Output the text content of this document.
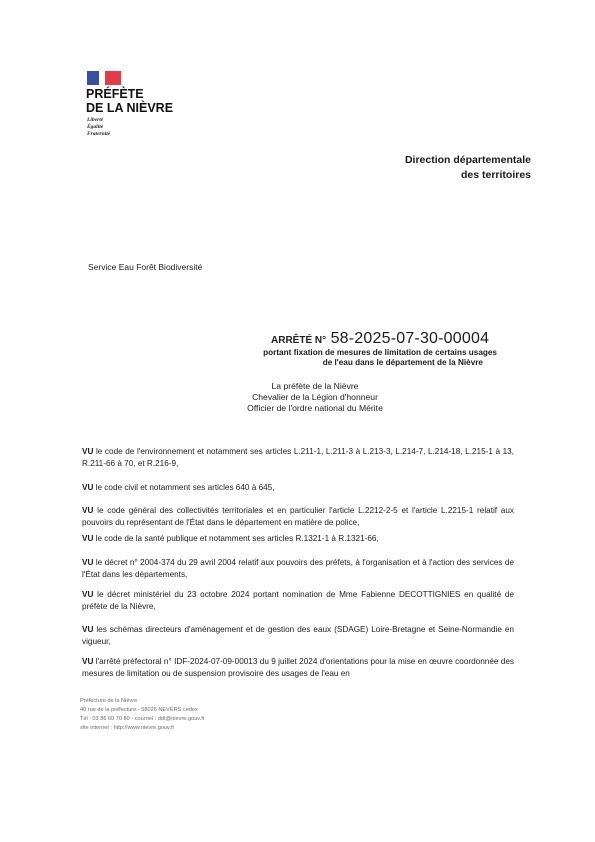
PRÉFÈTE
DE LA NIÈVRE
Liberté
Égalité
Fraternité
Direction départementale
des territoires
Service Eau Forêt Biodiversité
ARRÊTÉ N° 58-2025-07-30-00004
portant fixation de mesures de limitation de certains usages
de l'eau dans le département de la Nièvre
La préfète de la Nièvre
Chevalier de la Légion d'honneur
Officier de l'ordre national du Mérite
VU le code de l'environnement et notamment ses articles L.211-1, L.211-3 à L.213-3, L.214-7, L.214-18, L.215-1 à 13, R.211-66 à 70, et R.216-9,
VU le code civil et notamment ses articles 640 à 645,
VU le code général des collectivités territoriales et en particulier l'article L.2212-2-5 et l'article L.2215-1 relatif aux pouvoirs du représentant de l'État dans le département en matière de police,
VU le code de la santé publique et notamment ses articles R.1321-1 à R.1321-66,
VU le décret n° 2004-374 du 29 avril 2004 relatif aux pouvoirs des préfets, à l'organisation et à l'action des services de l'État dans les départements,
VU le décret ministériel du 23 octobre 2024 portant nomination de Mme Fabienne DECOTTIGNIES en qualité de préfète de la Nièvre,
VU les schémas directeurs d'aménagement et de gestion des eaux (SDAGE) Loire-Bretagne et Seine-Normandie en vigueur,
VU l'arrêté préfectoral n° IDF-2024-07-09-00013 du 9 juillet 2024 d'orientations pour la mise en œuvre coordonnée des mesures de limitation ou de suspension provisoire des usages de l'eau en
Préfecture de la Nièvre
40 rue de la préfecture - 58026 NEVERS cedex
Tél : 03 86 60 70 80 - courriel : ddt@nievre.gouv.fr
site internet : http://www.nievre.gouv.fr
